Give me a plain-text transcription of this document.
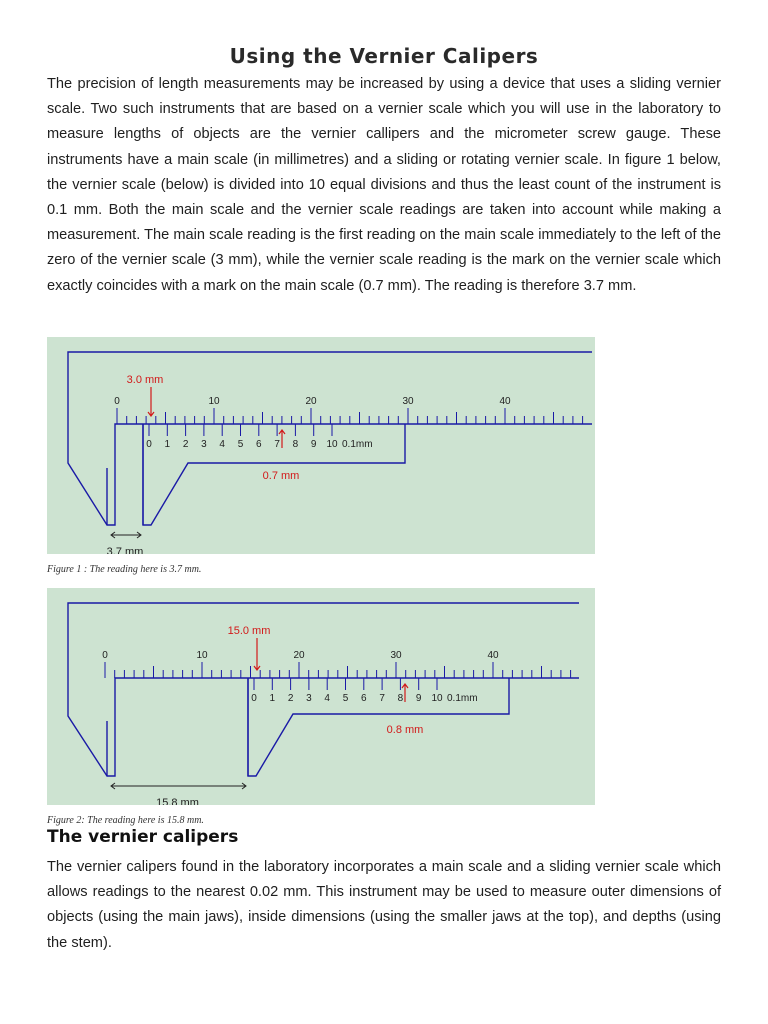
Using the Vernier Calipers

The precision of length measurements may be increased by using a device that uses a sliding vernier scale. Two such instruments that are based on a vernier scale which you will use in the laboratory to measure lengths of objects are the vernier callipers and the micrometer screw gauge. These instruments have a main scale (in millimetres) and a sliding or rotating vernier scale. In figure 1 below, the vernier scale (below) is divided into 10 equal divisions and thus the least count of the instrument is 0.1 mm. Both the main scale and the vernier scale readings are taken into account while making a measurement. The main scale reading is the first reading on the main scale immediately to the left of the zero of the vernier scale (3 mm), while the vernier scale reading is the mark on the vernier scale which exactly coincides with a mark on the main scale (0.7 mm). The reading is therefore 3.7 mm.

0	10	20	30	40
0 1 2 3 4 5 6 7 8 9 10 0.1mm
3.0 mm
0.7 mm
3.7 mm
Figure 1 : The reading here is 3.7 mm.
0	10	20	30	40
0 1 2 3 4 5 6 7 8 9 10 0.1mm
15.0 mm
0.8 mm
15.8 mm
Figure 2: The reading here is 15.8 mm.
The vernier calipers

The vernier calipers found in the laboratory incorporates a main scale and a sliding vernier scale which allows readings to the nearest 0.02 mm. This instrument may be used to measure outer dimensions of objects (using the main jaws), inside dimensions (using the smaller jaws at the top), and depths (using the stem).
